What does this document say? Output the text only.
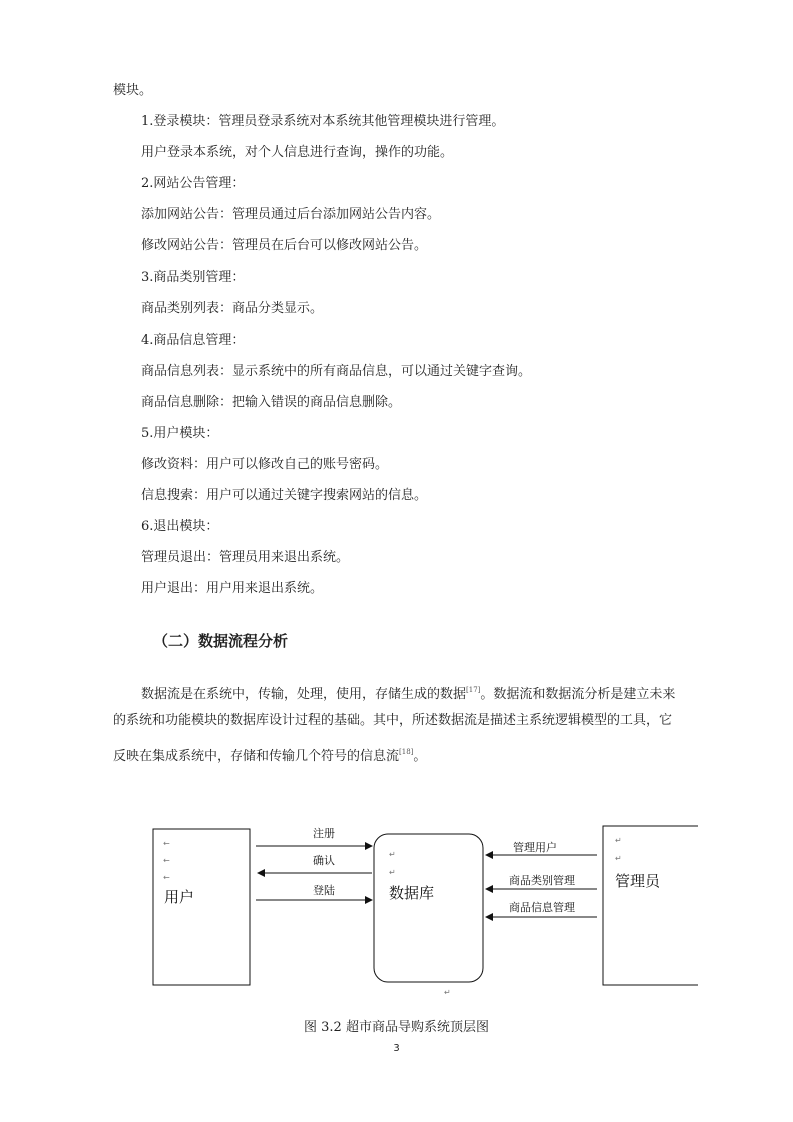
模块。
1.登录模块：管理员登录系统对本系统其他管理模块进行管理。
用户登录本系统，对个人信息进行查询，操作的功能。
2.网站公告管理：
添加网站公告：管理员通过后台添加网站公告内容。
修改网站公告：管理员在后台可以修改网站公告。
3.商品类别管理：
商品类别列表：商品分类显示。
4.商品信息管理：
商品信息列表：显示系统中的所有商品信息，可以通过关键字查询。
商品信息删除：把输入错误的商品信息删除。
5.用户模块：
修改资料：用户可以修改自己的账号密码。
信息搜索：用户可以通过关键字搜索网站的信息。
6.退出模块：
管理员退出：管理员用来退出系统。
用户退出：用户用来退出系统。
（二）数据流程分析
数据流是在系统中，传输，处理，使用，存储生成的数据[17]。数据流和数据流分析是建立未来
的系统和功能模块的数据库设计过程的基础。其中，所述数据流是描述主系统逻辑模型的工具，它
反映在集成系统中，存储和传输几个符号的信息流[18]。
←
←
←
↵
↵
↵
↵
↵
用户	数据库
管理员
注册
确认
登陆
管理用户
商品类别管理
商品信息管理
图 3.2 超市商品导购系统顶层图
3
